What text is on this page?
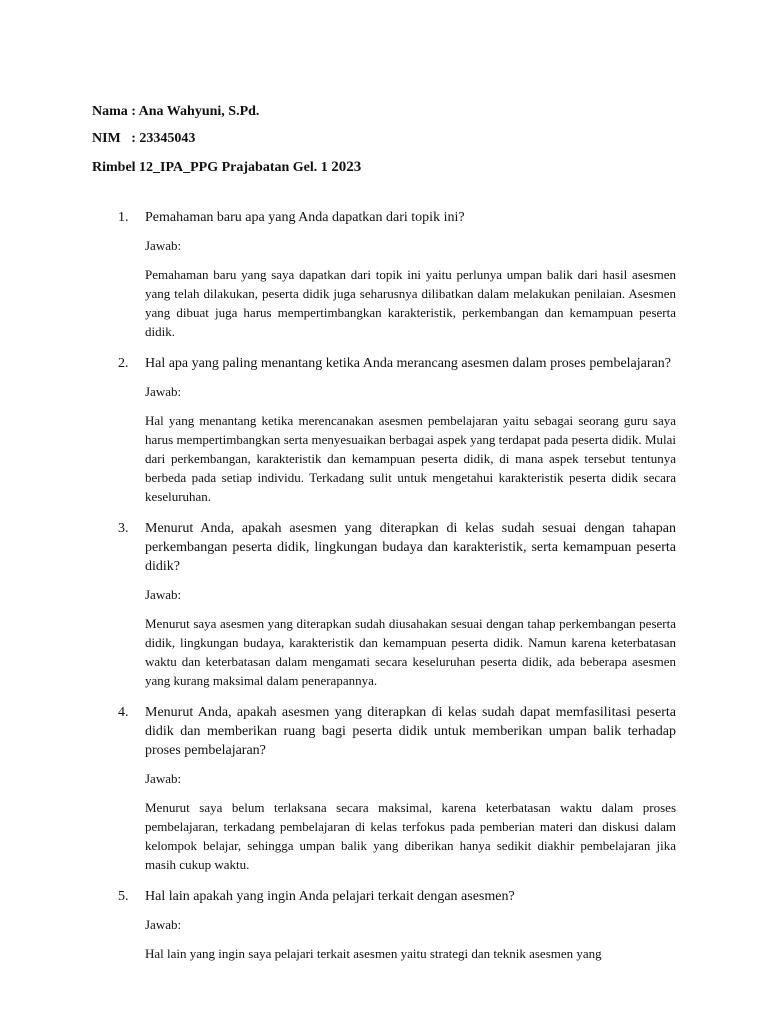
Nama : Ana Wahyuni, S.Pd.
NIM   : 23345043
Rimbel 12_IPA_PPG Prajabatan Gel. 1 2023
1. Pemahaman baru apa yang Anda dapatkan dari topik ini?

Jawab:

Pemahaman baru yang saya dapatkan dari topik ini yaitu perlunya umpan balik dari hasil asesmen yang telah dilakukan, peserta didik juga seharusnya dilibatkan dalam melakukan penilaian. Asesmen yang dibuat juga harus mempertimbangkan karakteristik, perkembangan dan kemampuan peserta didik.

2. Hal apa yang paling menantang ketika Anda merancang asesmen dalam proses pembelajaran?

Jawab:

Hal yang menantang ketika merencanakan asesmen pembelajaran yaitu sebagai seorang guru saya harus mempertimbangkan serta menyesuaikan berbagai aspek yang terdapat pada peserta didik. Mulai dari perkembangan, karakteristik dan kemampuan peserta didik, di mana aspek tersebut tentunya berbeda pada setiap individu. Terkadang sulit untuk mengetahui karakteristik peserta didik secara keseluruhan.

3. Menurut Anda, apakah asesmen yang diterapkan di kelas sudah sesuai dengan tahapan perkembangan peserta didik, lingkungan budaya dan karakteristik, serta kemampuan peserta didik?

Jawab:

Menurut saya asesmen yang diterapkan sudah diusahakan sesuai dengan tahap perkembangan peserta didik, lingkungan budaya, karakteristik dan kemampuan peserta didik. Namun karena keterbatasan waktu dan keterbatasan dalam mengamati secara keseluruhan peserta didik, ada beberapa asesmen yang kurang maksimal dalam penerapannya.

4. Menurut Anda, apakah asesmen yang diterapkan di kelas sudah dapat memfasilitasi peserta didik dan memberikan ruang bagi peserta didik untuk memberikan umpan balik terhadap proses pembelajaran?

Jawab:

Menurut saya belum terlaksana secara maksimal, karena keterbatasan waktu dalam proses pembelajaran, terkadang pembelajaran di kelas terfokus pada pemberian materi dan diskusi dalam kelompok belajar, sehingga umpan balik yang diberikan hanya sedikit diakhir pembelajaran jika masih cukup waktu.

5. Hal lain apakah yang ingin Anda pelajari terkait dengan asesmen?

Jawab:

Hal lain yang ingin saya pelajari terkait asesmen yaitu strategi dan teknik asesmen yang
